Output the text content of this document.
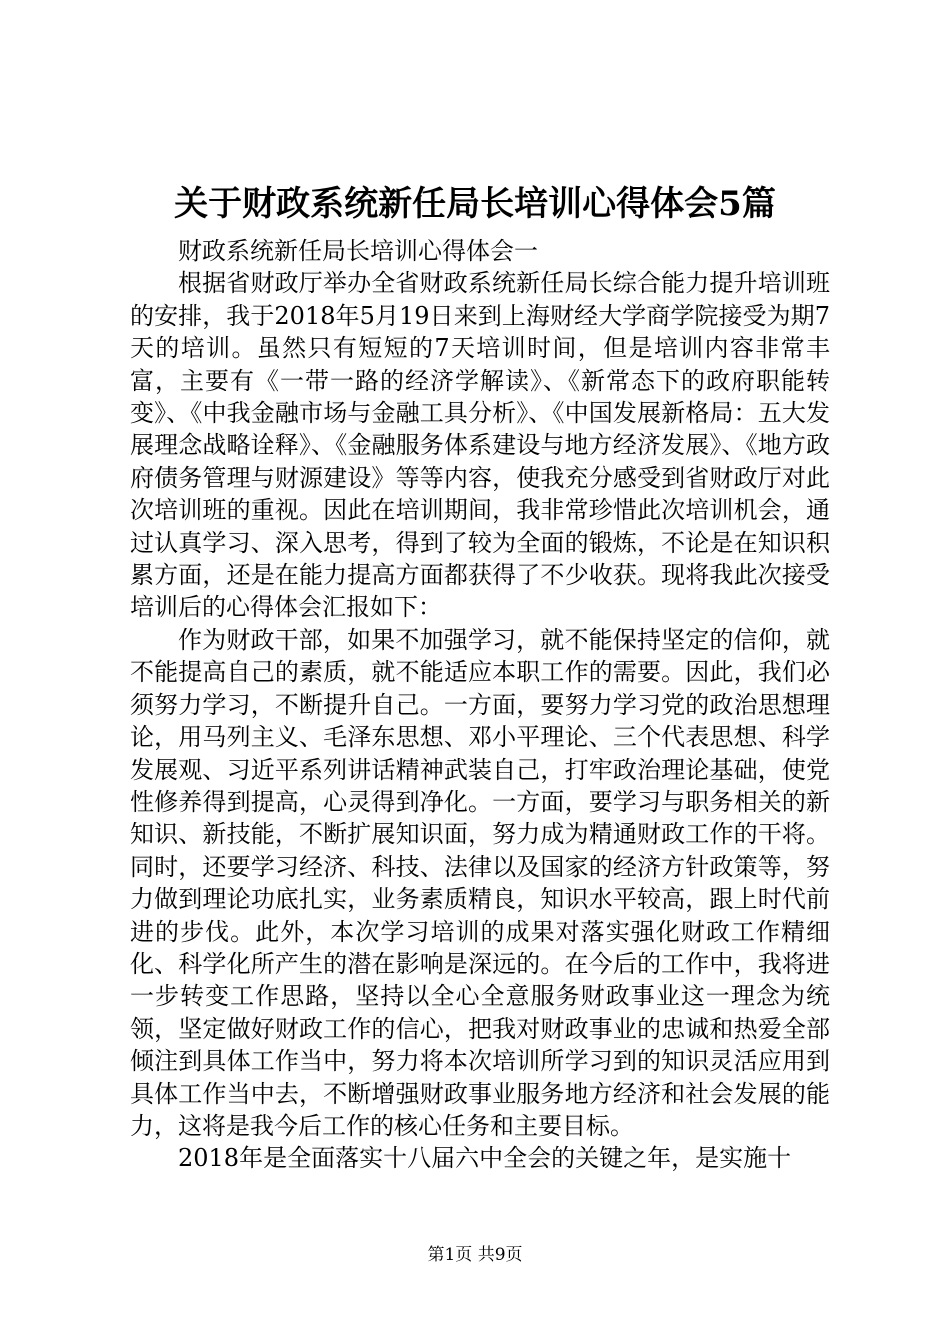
关于财政系统新任局长培训心得体会5篇

财政系统新任局长培训心得体会一

根据省财政厅举办全省财政系统新任局长综合能力提升培训班的安排，我于2018年5月19日来到上海财经大学商学院接受为期7天的培训。虽然只有短短的7天培训时间，但是培训内容非常丰富，主要有《一带一路的经济学解读》、《新常态下的政府职能转变》、《中我金融市场与金融工具分析》、《中国发展新格局：五大发展理念战略诠释》、《金融服务体系建设与地方经济发展》、《地方政府债务管理与财源建设》等等内容，使我充分感受到省财政厅对此次培训班的重视。因此在培训期间，我非常珍惜此次培训机会，通过认真学习、深入思考，得到了较为全面的锻炼，不论是在知识积累方面，还是在能力提高方面都获得了不少收获。现将我此次接受培训后的心得体会汇报如下：

作为财政干部，如果不加强学习，就不能保持坚定的信仰，就不能提高自己的素质，就不能适应本职工作的需要。因此，我们必须努力学习，不断提升自己。一方面，要努力学习党的政治思想理论，用马列主义、毛泽东思想、邓小平理论、三个代表思想、科学发展观、习近平系列讲话精神武装自己，打牢政治理论基础，使党性修养得到提高，心灵得到净化。一方面，要学习与职务相关的新知识、新技能，不断扩展知识面，努力成为精通财政工作的干将。同时，还要学习经济、科技、法律以及国家的经济方针政策等，努力做到理论功底扎实，业务素质精良，知识水平较高，跟上时代前进的步伐。此外，本次学习培训的成果对落实强化财政工作精细化、科学化所产生的潜在影响是深远的。在今后的工作中，我将进一步转变工作思路，坚持以全心全意服务财政事业这一理念为统领，坚定做好财政工作的信心，把我对财政事业的忠诚和热爱全部倾注到具体工作当中，努力将本次培训所学习到的知识灵活应用到具体工作当中去，不断增强财政事业服务地方经济和社会发展的能力，这将是我今后工作的核心任务和主要目标。

2018年是全面落实十八届六中全会的关键之年，是实施十

第1页 共9页
